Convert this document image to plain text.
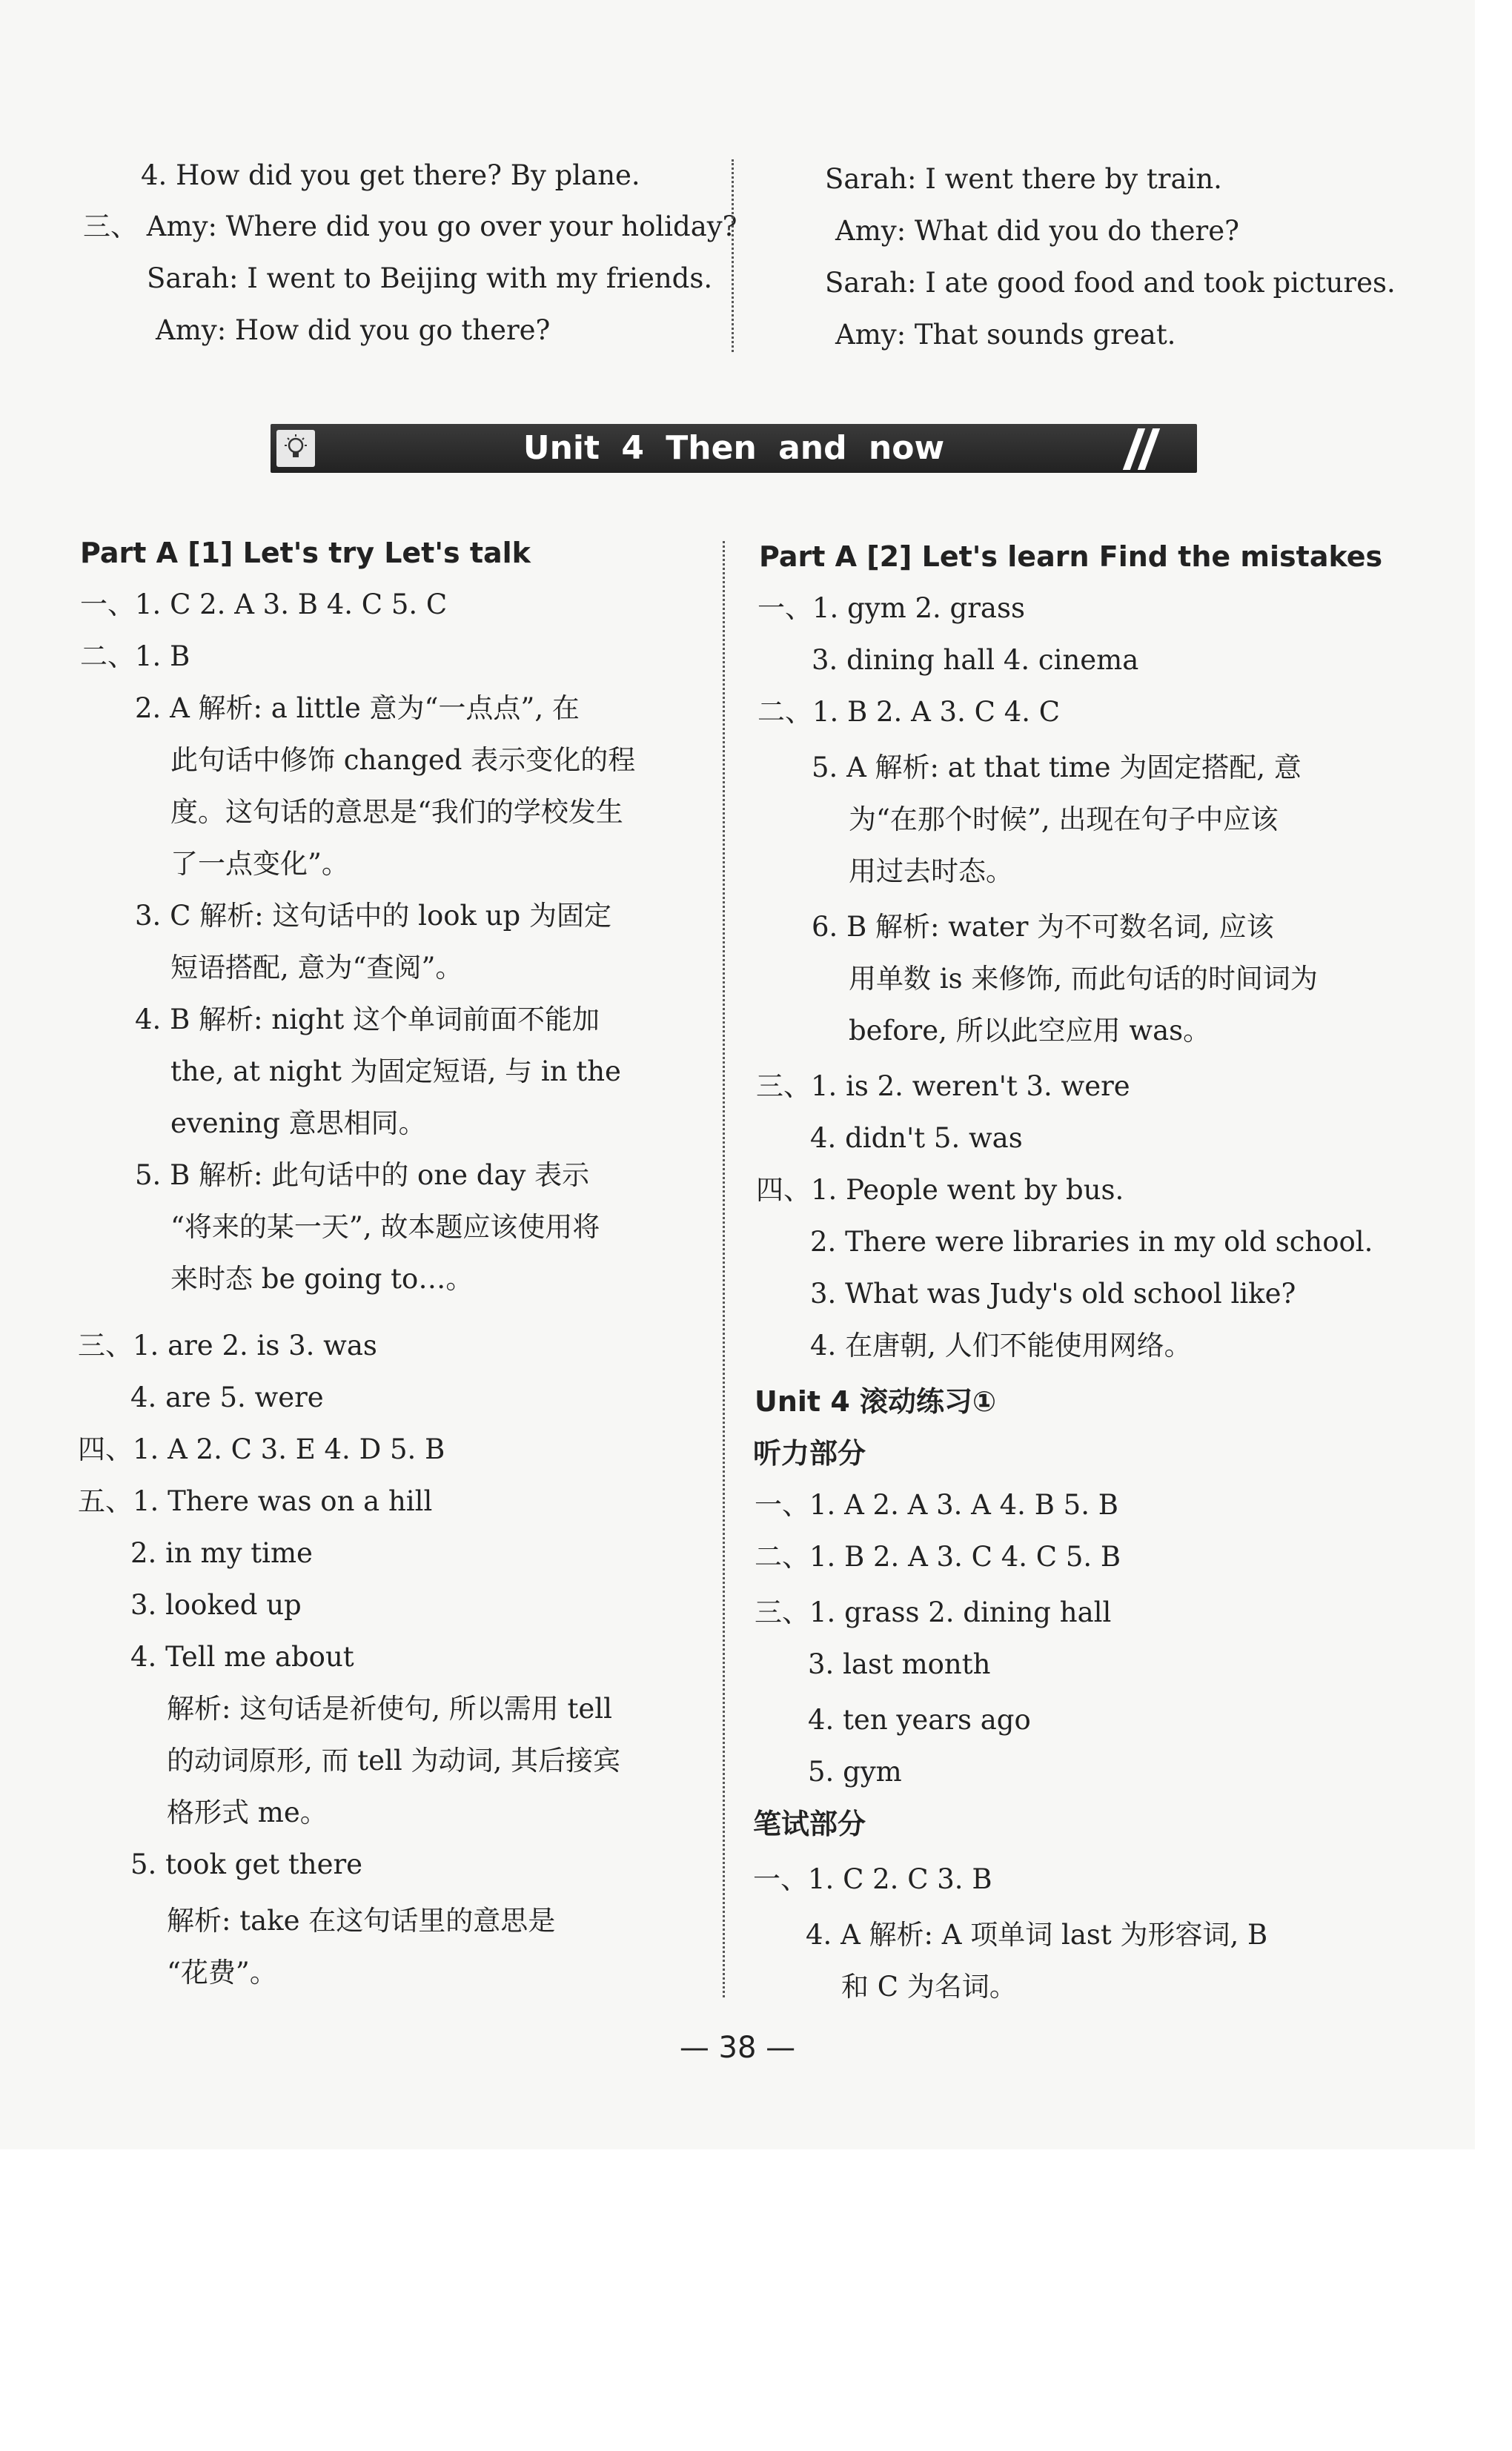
4. How did you get there? By plane.
三、 Amy: Where did you go over your holiday?
Sarah: I went to Beijing with my friends.
Amy: How did you go there?
Sarah: I went there by train.
Amy: What did you do there?
Sarah: I ate good food and took pictures.
Amy: That sounds great.
Unit 4 Then and now
Part A [1] Let's try Let's talk
一、1. C 2. A 3. B 4. C 5. C
二、1. B
2. A 解析: a little 意为“一点点”, 在
此句话中修饰 changed 表示变化的程
度。这句话的意思是“我们的学校发生
了一点变化”。
3. C 解析: 这句话中的 look up 为固定
短语搭配, 意为“查阅”。
4. B 解析: night 这个单词前面不能加
the, at night 为固定短语, 与 in the
evening 意思相同。
5. B 解析: 此句话中的 one day 表示
“将来的某一天”, 故本题应该使用将
来时态 be going to…。
三、1. are 2. is 3. was
4. are 5. were
四、1. A 2. C 3. E 4. D 5. B
五、1. There was on a hill
2. in my time
3. looked up
4. Tell me about
解析: 这句话是祈使句, 所以需用 tell
的动词原形, 而 tell 为动词, 其后接宾
格形式 me。
5. took get there
解析: take 在这句话里的意思是
“花费”。
Part A [2] Let's learn Find the mistakes
一、1. gym 2. grass
3. dining hall 4. cinema
二、1. B 2. A 3. C 4. C
5. A 解析: at that time 为固定搭配, 意
为“在那个时候”, 出现在句子中应该
用过去时态。
6. B 解析: water 为不可数名词, 应该
用单数 is 来修饰, 而此句话的时间词为
before, 所以此空应用 was。
三、1. is 2. weren't 3. were
4. didn't 5. was
四、1. People went by bus.
2. There were libraries in my old school.
3. What was Judy's old school like?
4. 在唐朝, 人们不能使用网络。
Unit 4 滚动练习①
听力部分
一、1. A 2. A 3. A 4. B 5. B
二、1. B 2. A 3. C 4. C 5. B
三、1. grass 2. dining hall
3. last month
4. ten years ago
5. gym
笔试部分
一、1. C 2. C 3. B
4. A 解析: A 项单词 last 为形容词, B
和 C 为名词。
— 38 —
